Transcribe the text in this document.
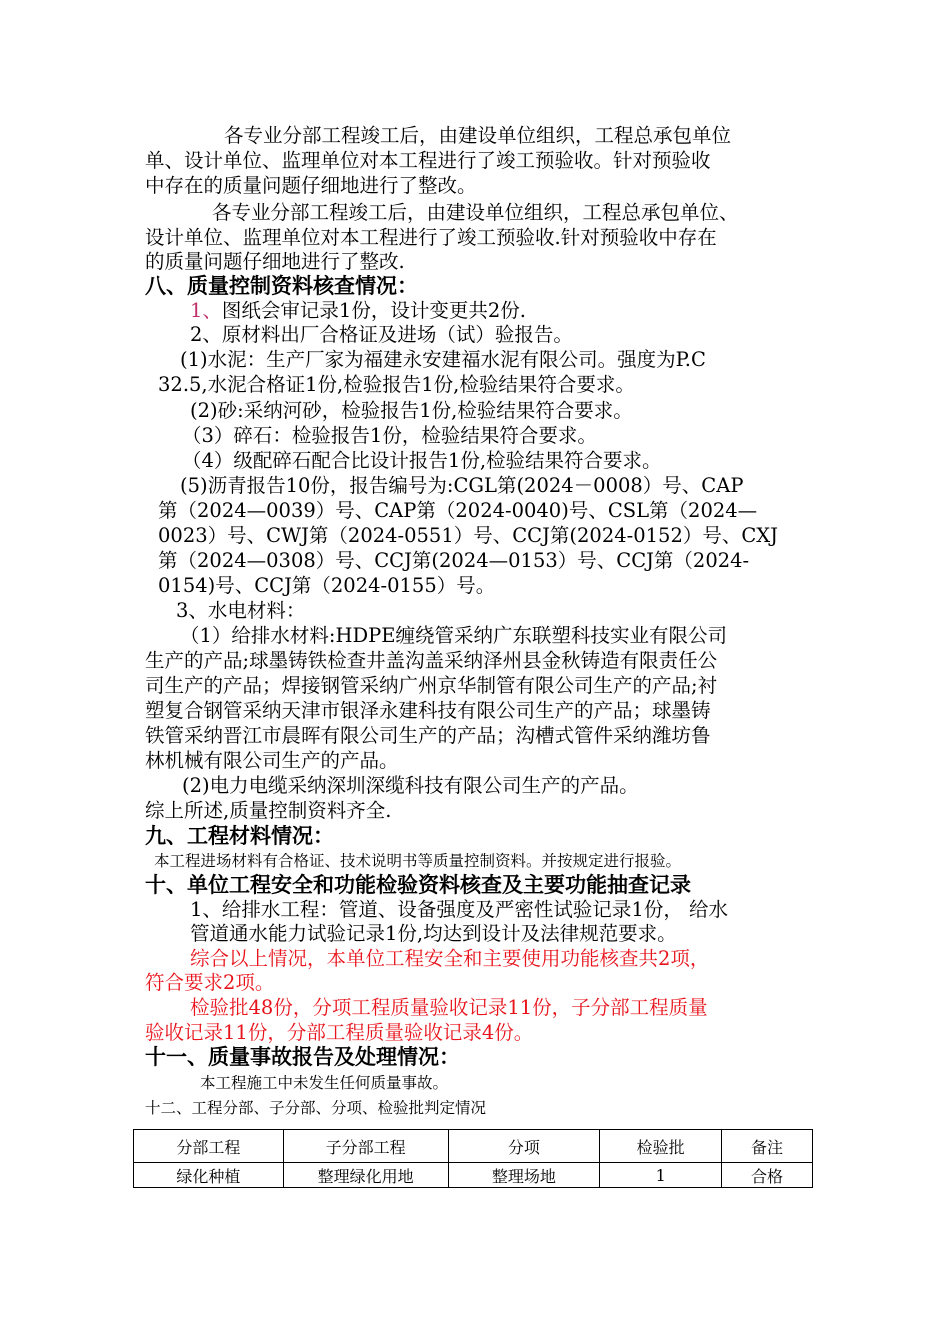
各专业分部工程竣工后，由建设单位组织，工程总承包单位
单、设计单位、监理单位对本工程进行了竣工预验收。针对预验收
中存在的质量问题仔细地进行了整改。
各专业分部工程竣工后，由建设单位组织，工程总承包单位、
设计单位、监理单位对本工程进行了竣工预验收.针对预验收中存在
的质量问题仔细地进行了整改.
八、质量控制资料核查情况：
1、图纸会审记录1份，设计变更共2份.
2、原材料出厂合格证及进场（试）验报告。
(1)水泥：生产厂家为福建永安建福水泥有限公司。强度为P.C
32.5,水泥合格证1份,检验报告1份,检验结果符合要求。
(2)砂:采纳河砂，检验报告1份,检验结果符合要求。
（3）碎石：检验报告1份，检验结果符合要求。
（4）级配碎石配合比设计报告1份,检验结果符合要求。
(5)沥青报告10份，报告编号为:CGL第(2024－0008）号、CAP
第（2024—0039）号、CAP第（2024-0040)号、CSL第（2024—
0023）号、CWJ第（2024-0551）号、CCJ第(2024-0152）号、CXJ
第（2024—0308）号、CCJ第(2024—0153）号、CCJ第（2024-
0154)号、CCJ第（2024-0155）号。
3、水电材料：
（1）给排水材料:HDPE缠绕管采纳广东联塑科技实业有限公司
生产的产品;球墨铸铁检查井盖沟盖采纳泽州县金秋铸造有限责任公
司生产的产品；焊接钢管采纳广州京华制管有限公司生产的产品;衬
塑复合钢管采纳天津市银泽永建科技有限公司生产的产品；球墨铸
铁管采纳晋江市晨晖有限公司生产的产品；沟槽式管件采纳潍坊鲁
林机械有限公司生产的产品。
(2)电力电缆采纳深圳深缆科技有限公司生产的产品。
综上所述,质量控制资料齐全.
九、工程材料情况：
本工程进场材料有合格证、技术说明书等质量控制资料。并按规定进行报验。
十、单位工程安全和功能检验资料核查及主要功能抽查记录
1、给排水工程：管道、设备强度及严密性试验记录1份， 给水
管道通水能力试验记录1份,均达到设计及法律规范要求。
综合以上情况，本单位工程安全和主要使用功能核查共2项，
符合要求2项。
检验批48份，分项工程质量验收记录11份，子分部工程质量
验收记录11份，分部工程质量验收记录4份。
十一、质量事故报告及处理情况：
本工程施工中未发生任何质量事故。
十二、工程分部、子分部、分项、检验批判定情况
分部工程	子分部工程	分项	检验批	备注
绿化种植	整理绿化用地	整理场地	1	合格
